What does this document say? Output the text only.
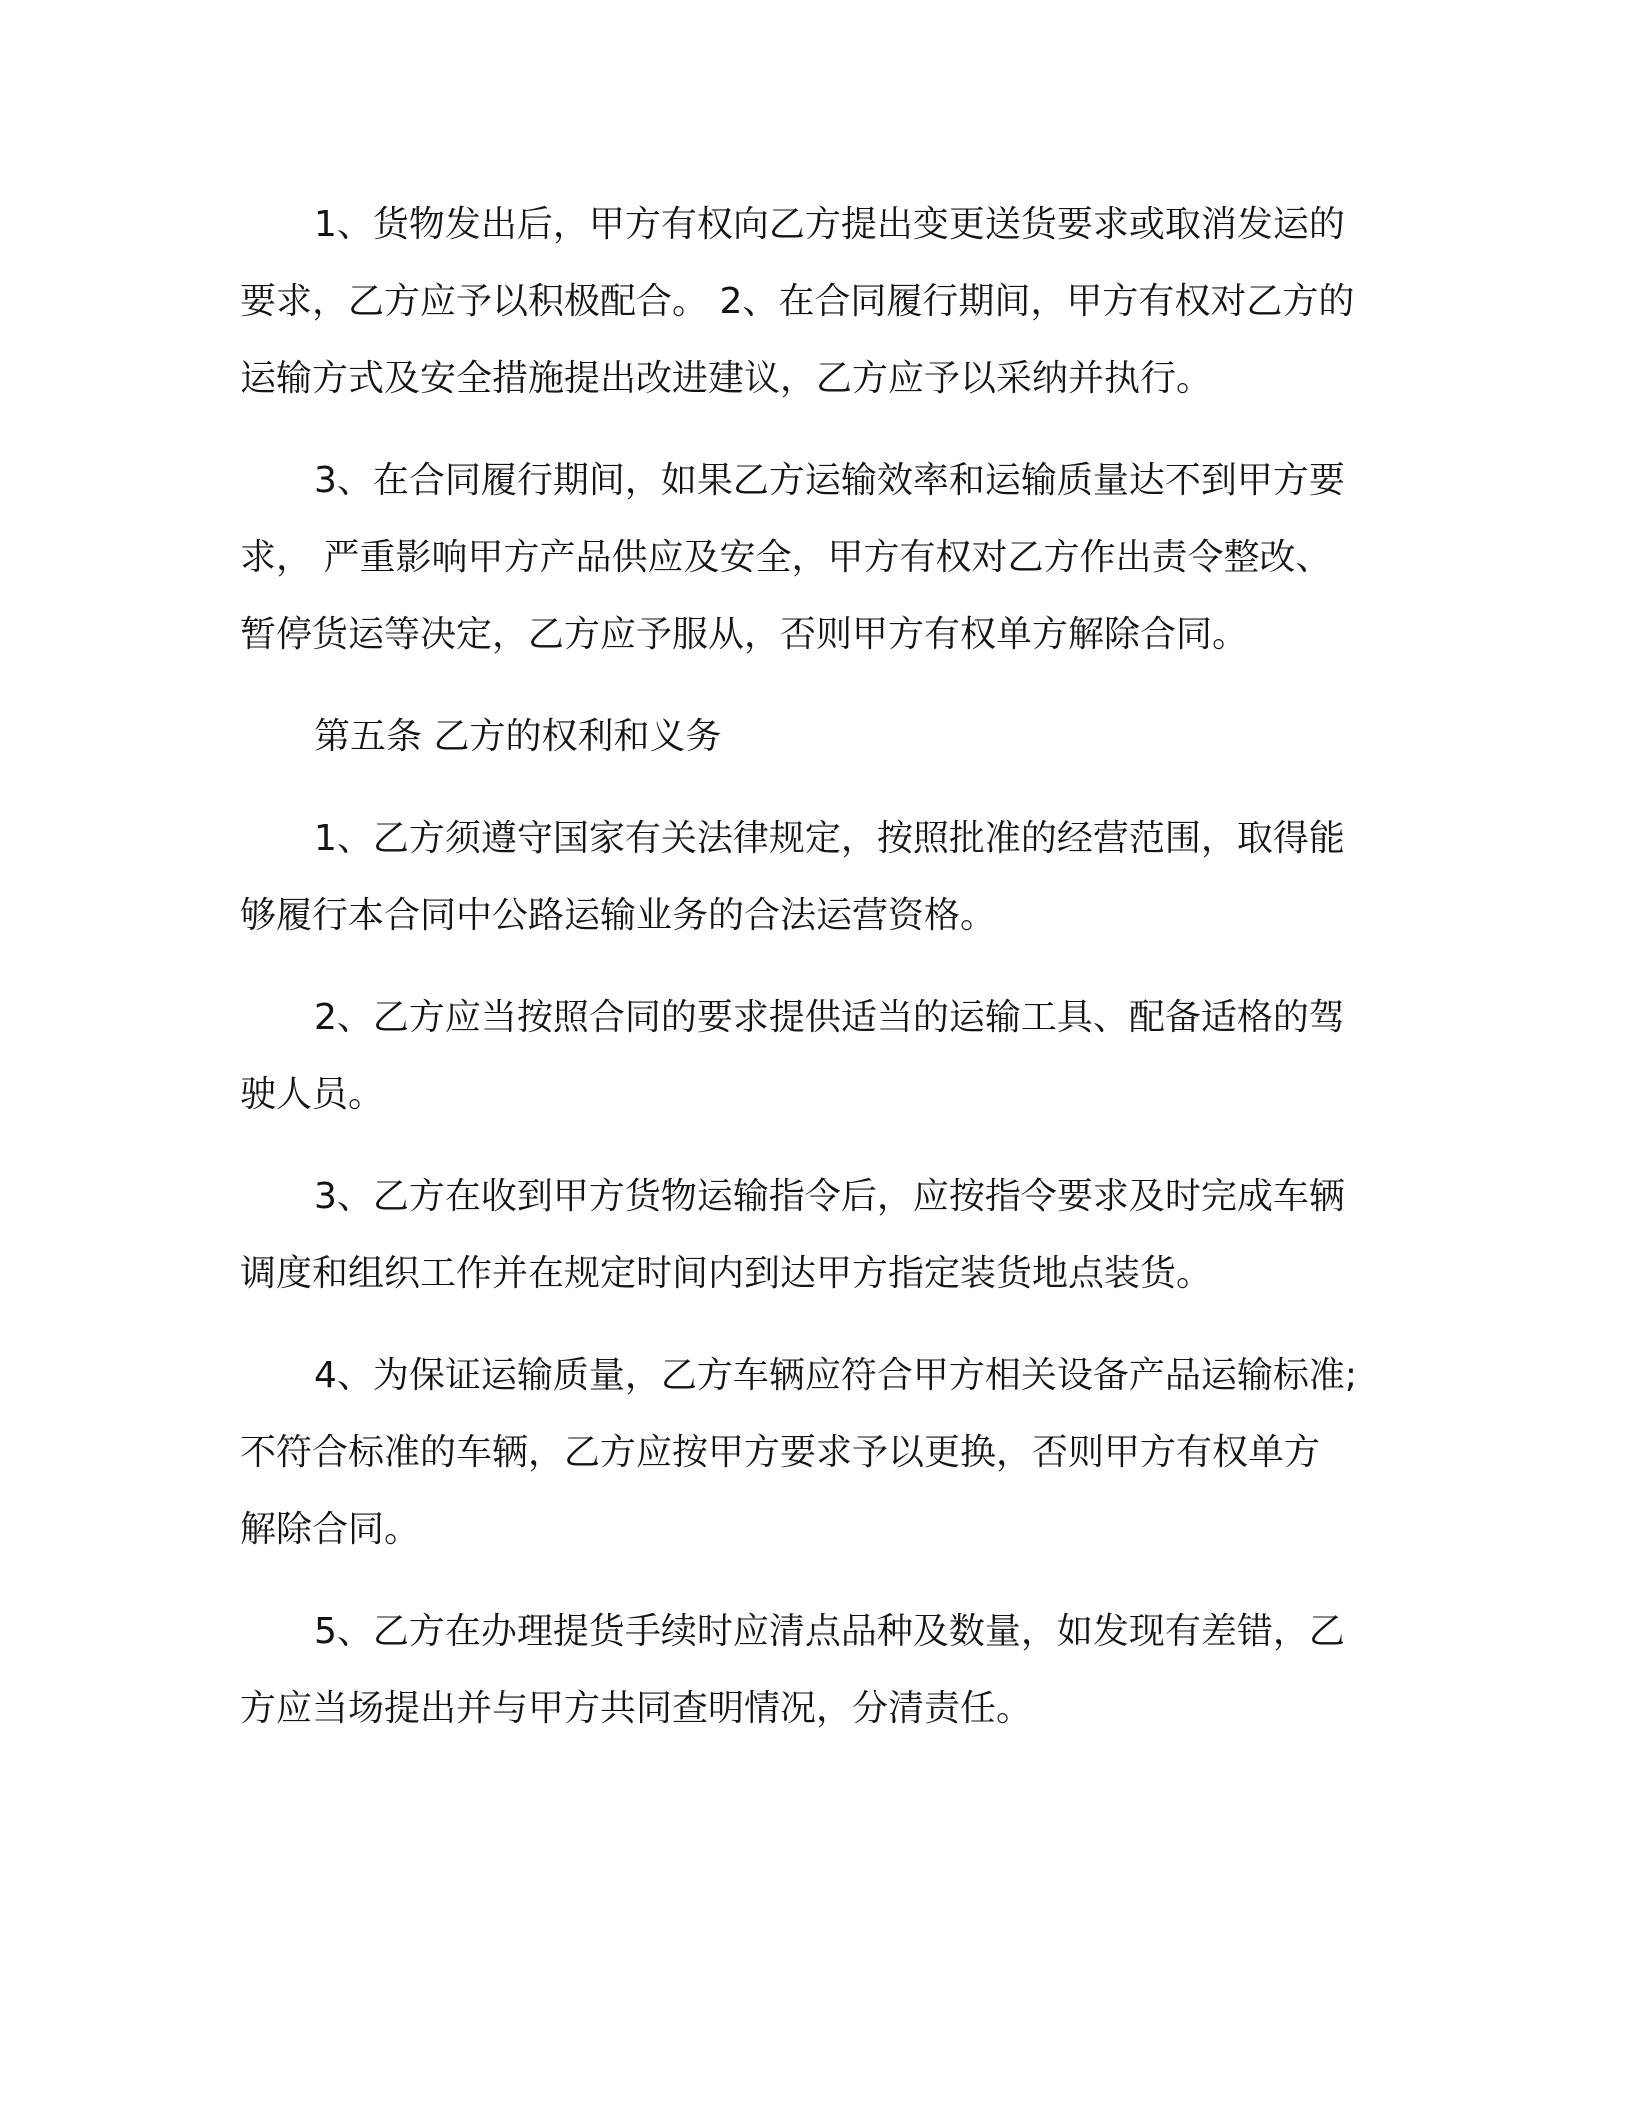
1、货物发出后，甲方有权向乙方提出变更送货要求或取消发运的
要求，乙方应予以积极配合。 2、在合同履行期间，甲方有权对乙方的
运输方式及安全措施提出改进建议，乙方应予以采纳并执行。
3、在合同履行期间，如果乙方运输效率和运输质量达不到甲方要
求， 严重影响甲方产品供应及安全，甲方有权对乙方作出责令整改、
暂停货运等决定，乙方应予服从，否则甲方有权单方解除合同。
第五条 乙方的权利和义务
1、乙方须遵守国家有关法律规定，按照批准的经营范围，取得能
够履行本合同中公路运输业务的合法运营资格。
2、乙方应当按照合同的要求提供适当的运输工具、配备适格的驾
驶人员。
3、乙方在收到甲方货物运输指令后，应按指令要求及时完成车辆
调度和组织工作并在规定时间内到达甲方指定装货地点装货。
4、为保证运输质量，乙方车辆应符合甲方相关设备产品运输标准;
不符合标准的车辆，乙方应按甲方要求予以更换，否则甲方有权单方
解除合同。
5、乙方在办理提货手续时应清点品种及数量，如发现有差错，乙
方应当场提出并与甲方共同查明情况，分清责任。
